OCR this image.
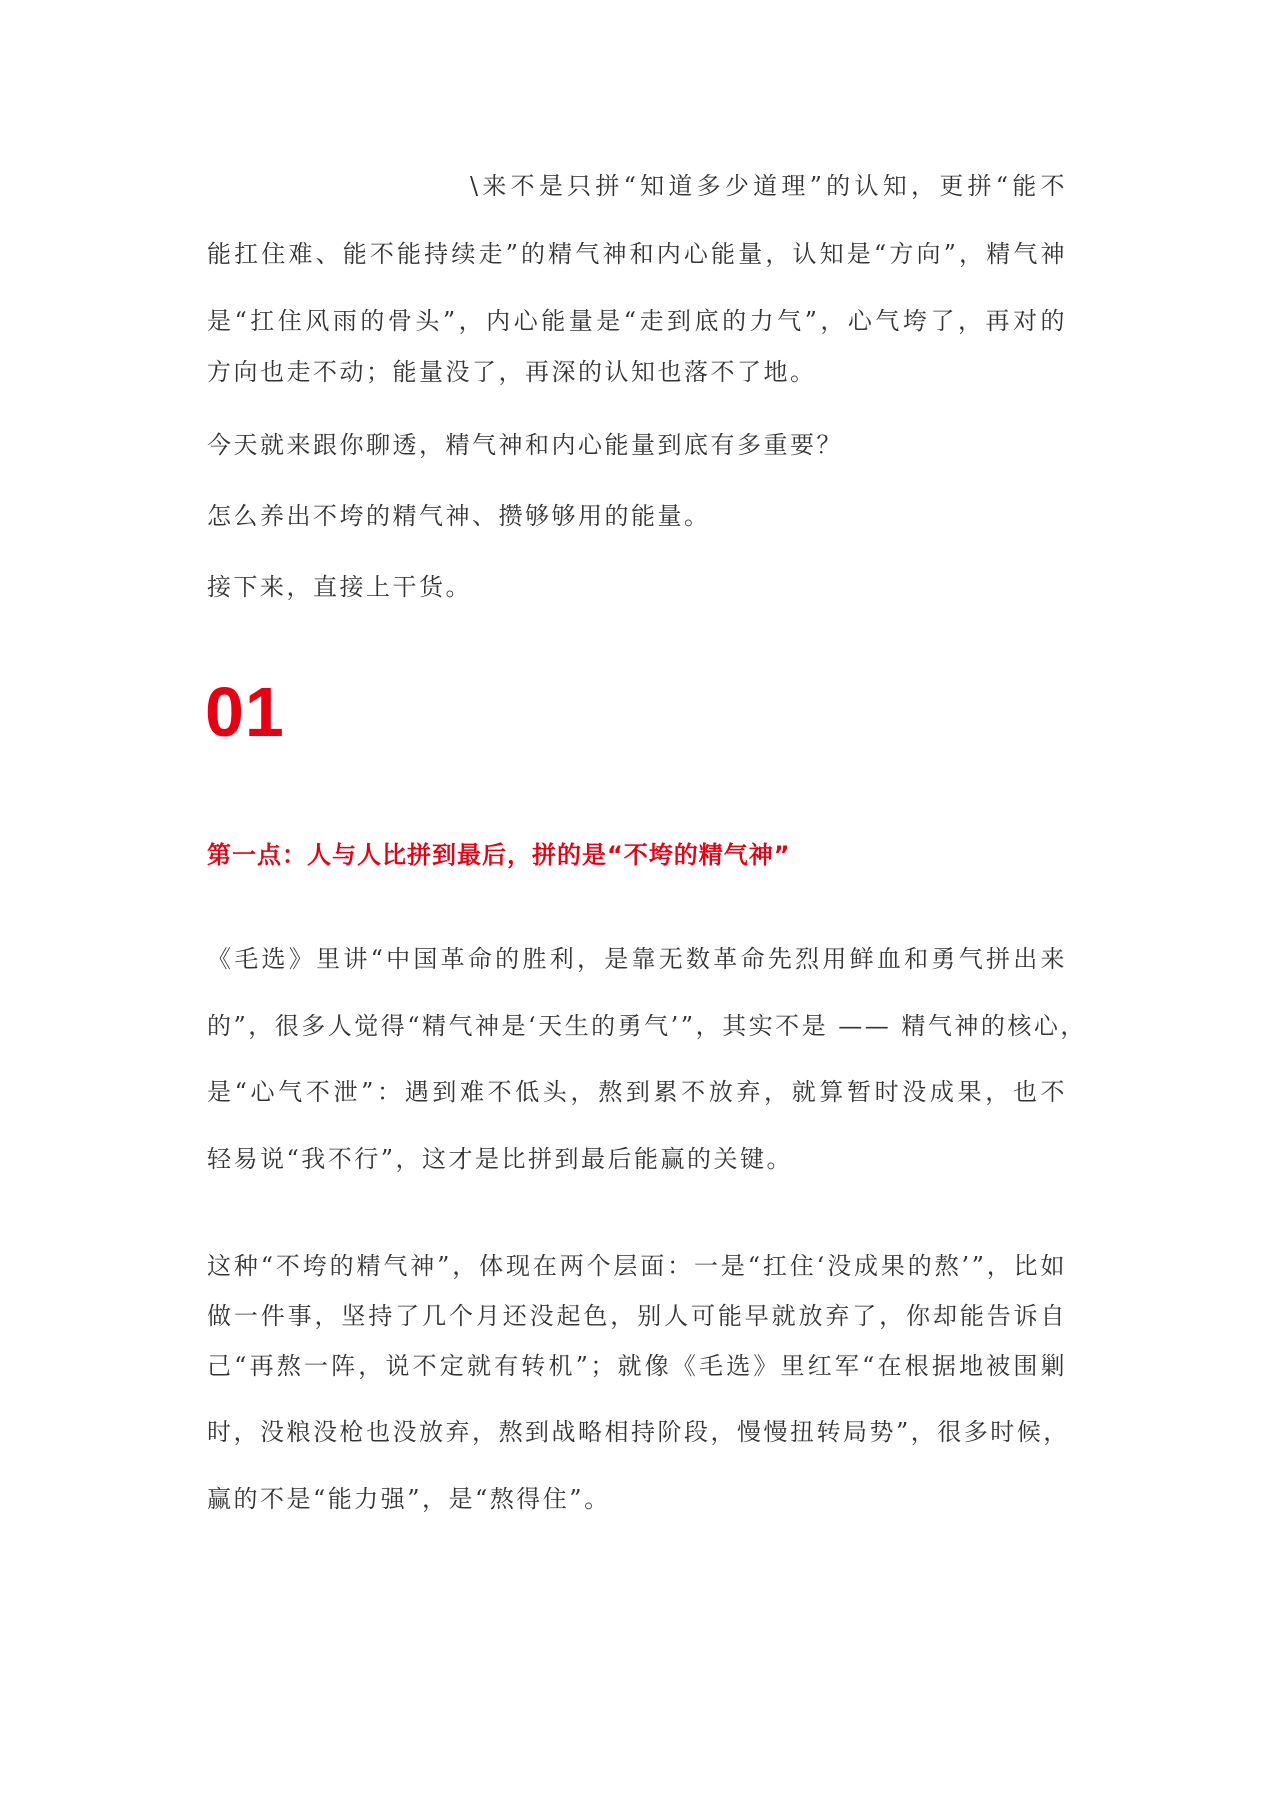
\来不是只拼“知道多少道理”的认知，更拼“能不
能扛住难、能不能持续走”的精气神和内心能量，认知是“方向”，精气神
是“扛住风雨的骨头”，内心能量是“走到底的力气”，心气垮了，再对的
方向也走不动；能量没了，再深的认知也落不了地。
今天就来跟你聊透，精气神和内心能量到底有多重要？
怎么养出不垮的精气神、攒够够用的能量。
接下来，直接上干货。
01
第一点：人与人比拼到最后，拼的是“不垮的精气神”
《毛选》里讲“中国革命的胜利，是靠无数革命先烈用鲜血和勇气拼出来
的”，很多人觉得“精气神是‘天生的勇气’”，其实不是 —— 精气神的核心，
是“心气不泄”：遇到难不低头，熬到累不放弃，就算暂时没成果，也不
轻易说“我不行”，这才是比拼到最后能赢的关键。
这种“不垮的精气神”，体现在两个层面：一是“扛住‘没成果的熬’”，比如
做一件事，坚持了几个月还没起色，别人可能早就放弃了，你却能告诉自
己“再熬一阵，说不定就有转机”；就像《毛选》里红军“在根据地被围剿
时，没粮没枪也没放弃，熬到战略相持阶段，慢慢扭转局势”，很多时候，
赢的不是“能力强”，是“熬得住”。
